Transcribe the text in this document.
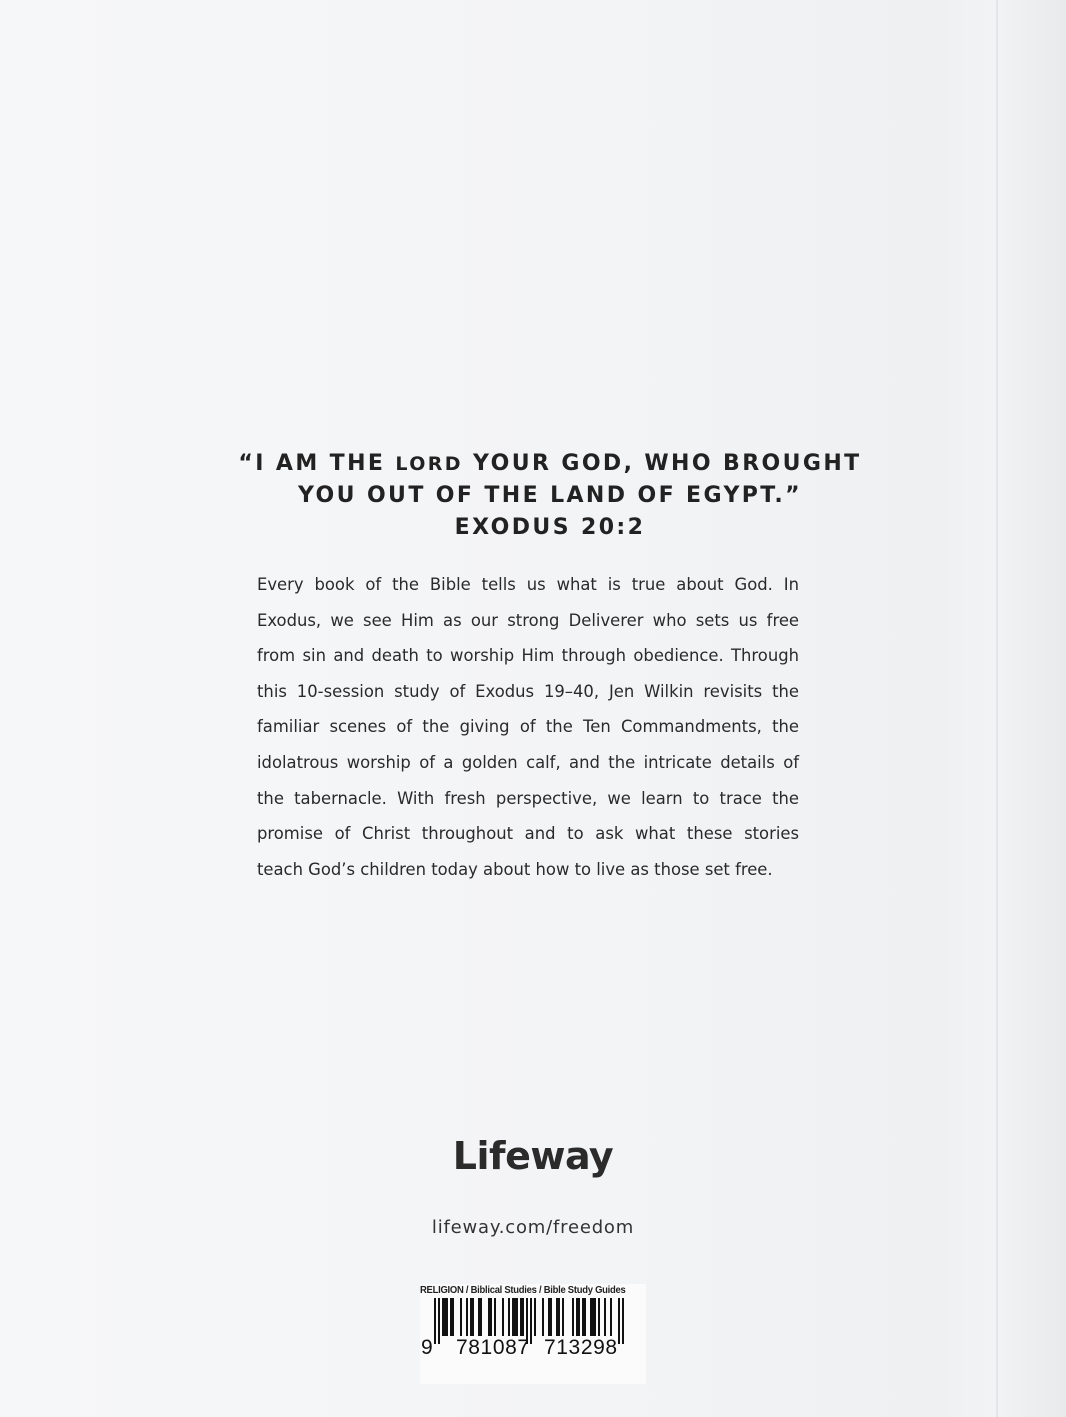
“I AM THE LORD YOUR GOD, WHO BROUGHT
YOU OUT OF THE LAND OF EGYPT.”
EXODUS 20:2
Every book of the Bible tells us what is true about God. In
Exodus, we see Him as our strong Deliverer who sets us free
from sin and death to worship Him through obedience. Through
this 10-session study of Exodus 19–40, Jen Wilkin revisits the
familiar scenes of the giving of the Ten Commandments, the
idolatrous worship of a golden calf, and the intricate details of
the tabernacle. With fresh perspective, we learn to trace the
promise of Christ throughout and to ask what these stories
teach God’s children today about how to live as those set free.
Lifeway
lifeway.com/freedom
RELIGION / Biblical Studies / Bible Study Guides
9 781087 713298
